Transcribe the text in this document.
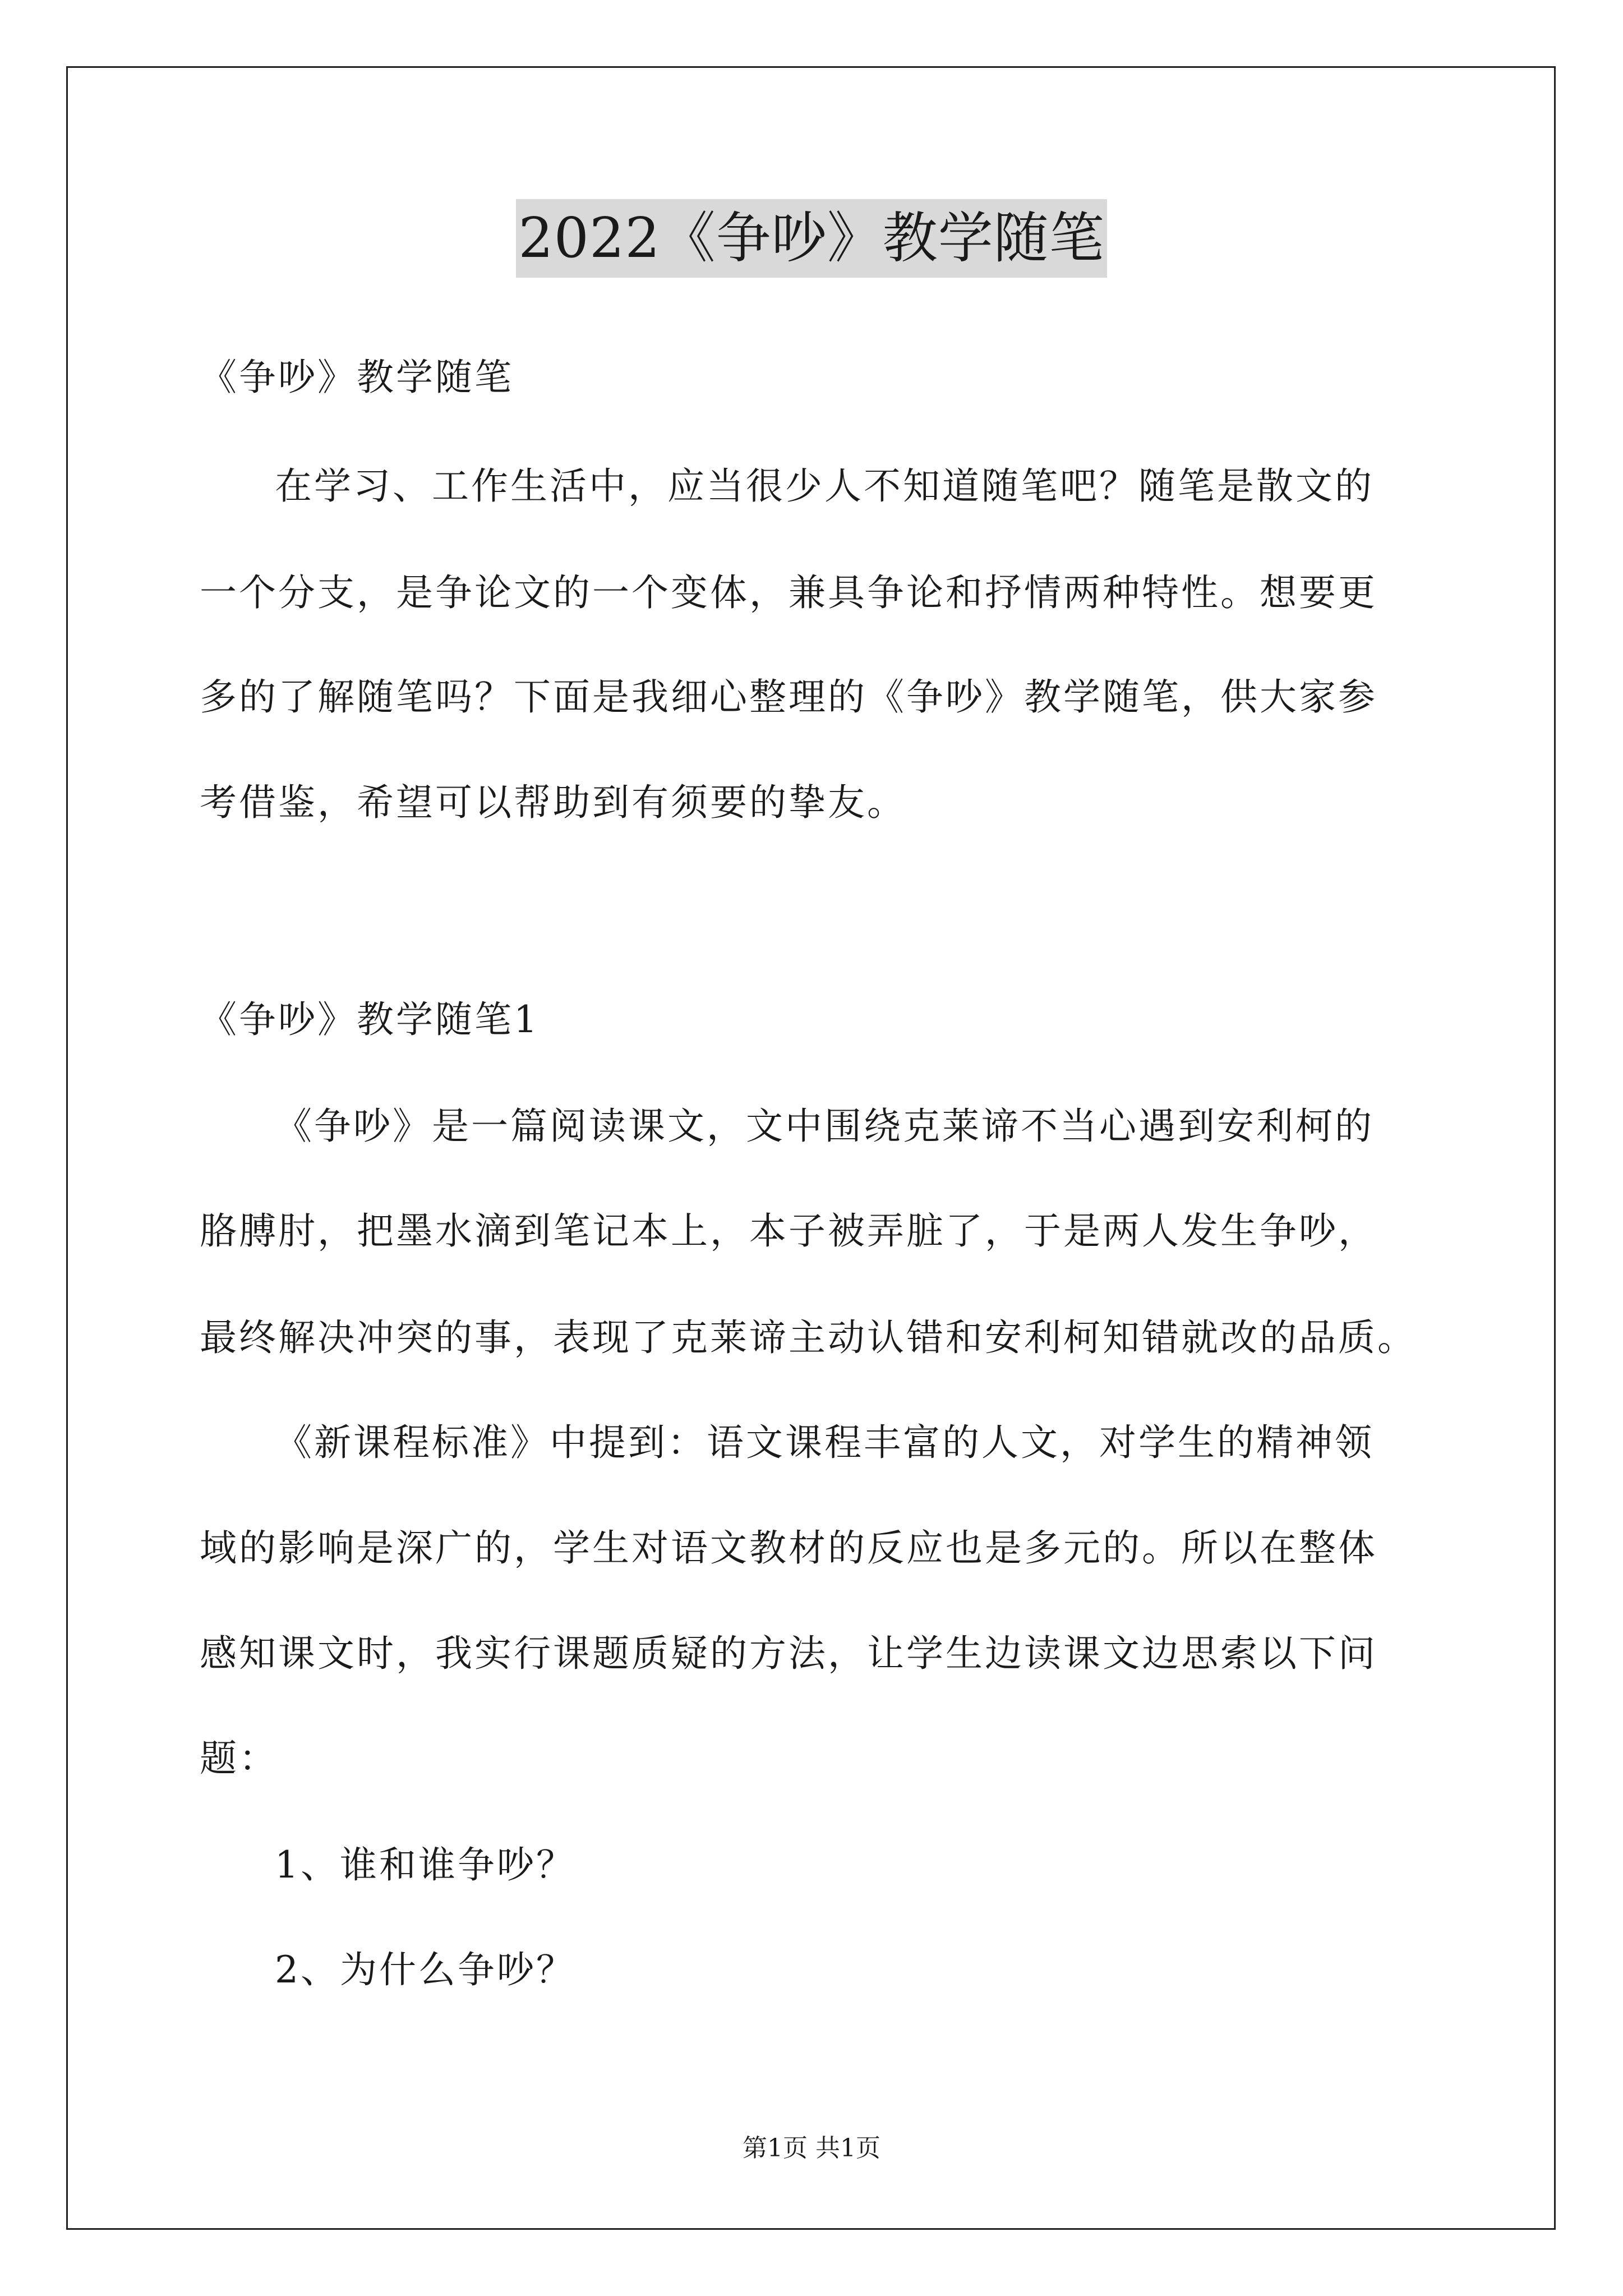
2022《争吵》教学随笔
《争吵》教学随笔
在学习、工作生活中，应当很少人不知道随笔吧？随笔是散文的
一个分支，是争论文的一个变体，兼具争论和抒情两种特性。想要更
多的了解随笔吗？下面是我细心整理的《争吵》教学随笔，供大家参
考借鉴，希望可以帮助到有须要的挚友。
《争吵》教学随笔1
《争吵》是一篇阅读课文，文中围绕克莱谛不当心遇到安利柯的
胳膊肘，把墨水滴到笔记本上，本子被弄脏了，于是两人发生争吵，
最终解决冲突的事，表现了克莱谛主动认错和安利柯知错就改的品质。
《新课程标准》中提到：语文课程丰富的人文，对学生的精神领
域的影响是深广的，学生对语文教材的反应也是多元的。所以在整体
感知课文时，我实行课题质疑的方法，让学生边读课文边思索以下问
题：
1、谁和谁争吵？
2、为什么争吵？
第1页 共1页
